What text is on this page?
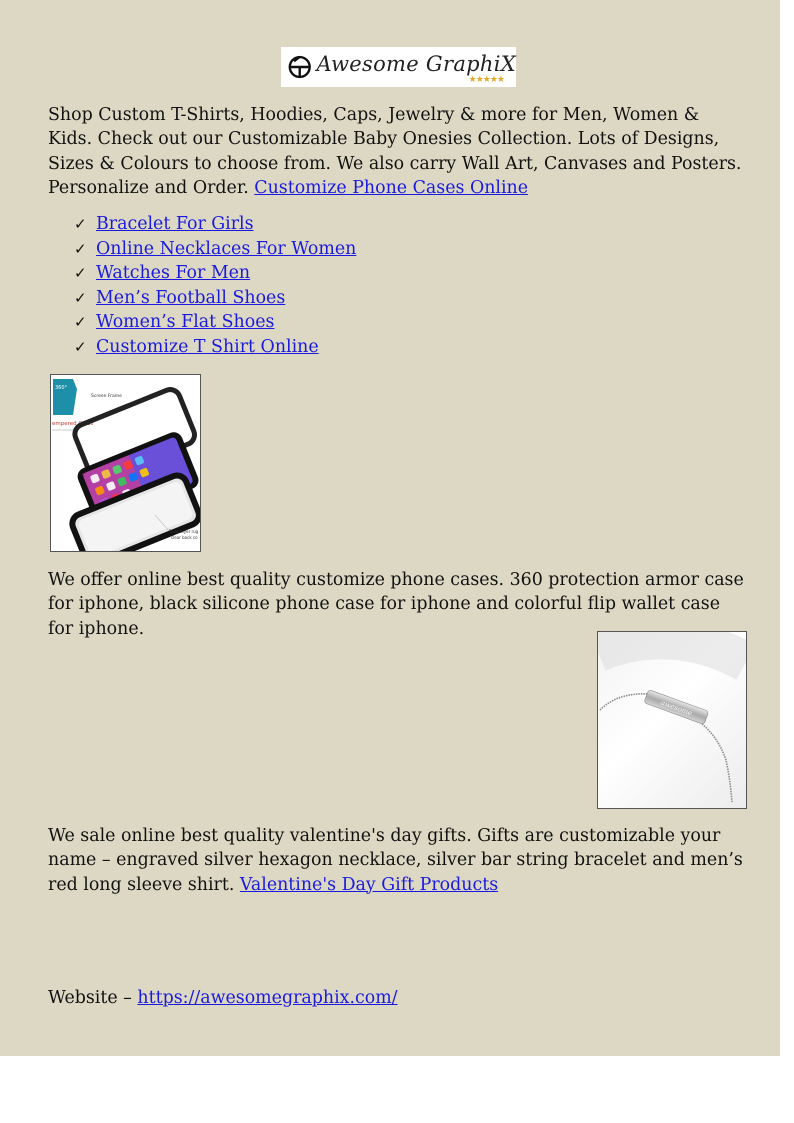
Awesome GraphiX
★★★★★

Shop Custom T-Shirts, Hoodies, Caps, Jewelry & more for Men, Women & Kids. Check out our Customizable Baby Onesies Collection. Lots of Designs, Sizes & Colours to choose from. We also carry Wall Art, Canvases and Posters. Personalize and Order. Customize Phone Cases Online

✓ Bracelet For Girls
✓ Online Necklaces For Women
✓ Watches For Men
✓ Men’s Football Shoes
✓ Women’s Flat Shoes
✓ Customize T Shirt Online
360°
Screen Frame
empered Glass
Dual–layer rug
clear back co

We offer online best quality customize phone cases. 360 protection armor case for iphone, black silicone phone case for iphone and colorful flip wallet case for iphone.

awesome

We sale online best quality valentine's day gifts. Gifts are customizable your name – engraved silver hexagon necklace, silver bar string bracelet and men’s red long sleeve shirt. Valentine's Day Gift Products

Website – https://awesomegraphix.com/
